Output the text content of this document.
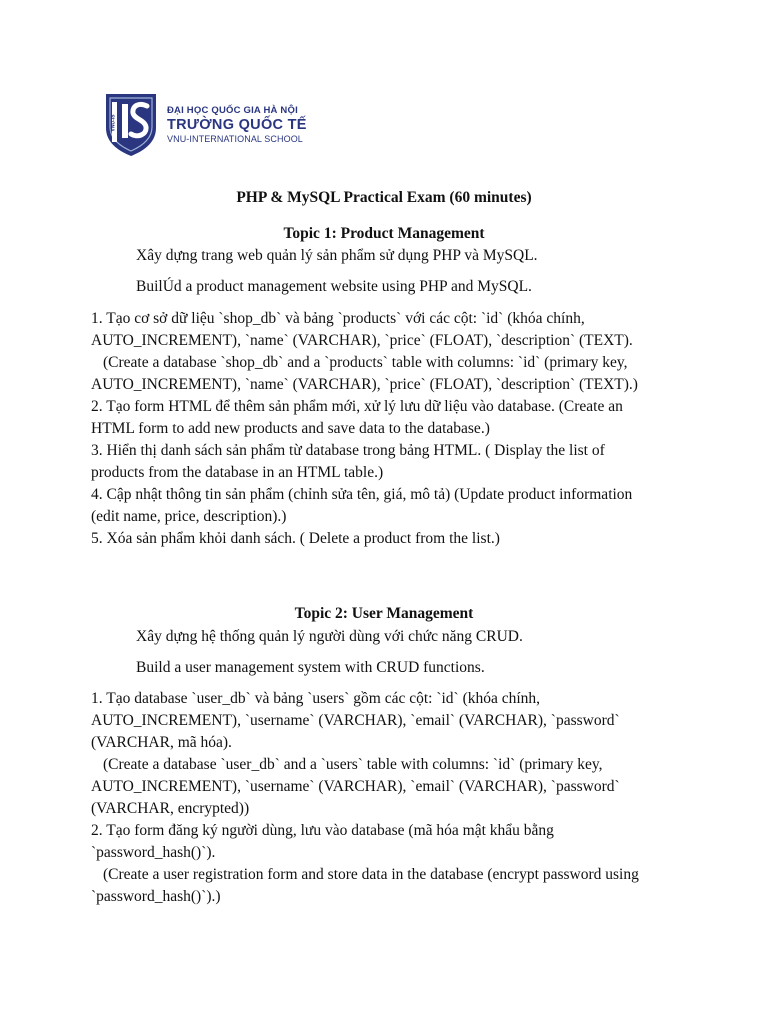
VNU-IS
ĐẠI HỌC QUỐC GIA HÀ NỘI
TRƯỜNG QUỐC TẾ
VNU-INTERNATIONAL SCHOOL
PHP & MySQL Practical Exam (60 minutes)
Topic 1: Product Management
Xây dựng trang web quản lý sản phẩm sử dụng PHP và MySQL.
BuilÚd a product management website using PHP and MySQL.
1. Tạo cơ sở dữ liệu `shop_db` và bảng `products` với các cột: `id` (khóa chính,
AUTO_INCREMENT), `name` (VARCHAR), `price` (FLOAT), `description` (TEXT).
(Create a database `shop_db` and a `products` table with columns: `id` (primary key,
AUTO_INCREMENT), `name` (VARCHAR), `price` (FLOAT), `description` (TEXT).)
2. Tạo form HTML để thêm sản phẩm mới, xử lý lưu dữ liệu vào database. (Create an
HTML form to add new products and save data to the database.)
3. Hiển thị danh sách sản phẩm từ database trong bảng HTML. ( Display the list of
products from the database in an HTML table.)
4. Cập nhật thông tin sản phẩm (chỉnh sửa tên, giá, mô tả) (Update product information
(edit name, price, description).)
5. Xóa sản phẩm khỏi danh sách. ( Delete a product from the list.)
Topic 2: User Management
Xây dựng hệ thống quản lý người dùng với chức năng CRUD.
Build a user management system with CRUD functions.
1. Tạo database `user_db` và bảng `users` gồm các cột: `id` (khóa chính,
AUTO_INCREMENT), `username` (VARCHAR), `email` (VARCHAR), `password`
(VARCHAR, mã hóa).
(Create a database `user_db` and a `users` table with columns: `id` (primary key,
AUTO_INCREMENT), `username` (VARCHAR), `email` (VARCHAR), `password`
(VARCHAR, encrypted))
2. Tạo form đăng ký người dùng, lưu vào database (mã hóa mật khẩu bằng
`password_hash()`).
(Create a user registration form and store data in the database (encrypt password using
`password_hash()`).)
